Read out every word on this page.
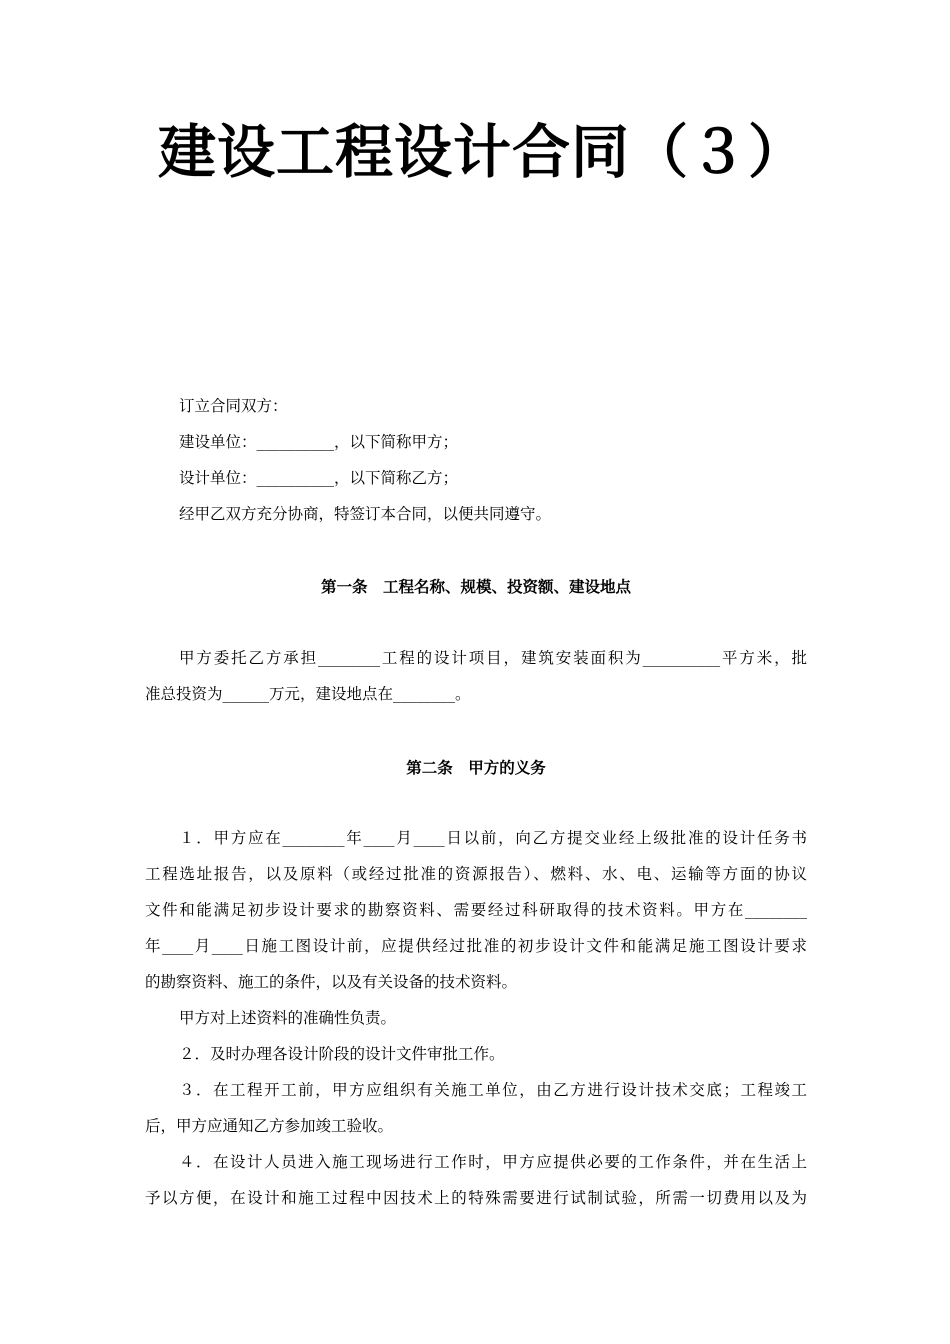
建设工程设计合同（３）
订立合同双方：
建设单位：__________，以下简称甲方；
设计单位：__________，以下简称乙方；
经甲乙双方充分协商，特签订本合同，以便共同遵守。
第一条　工程名称、规模、投资额、建设地点
甲方委托乙方承担________工程的设计项目，建筑安装面积为__________平方米，批
准总投资为______万元，建设地点在________。
第二条　甲方的义务
１．甲方应在________年____月____日以前，向乙方提交业经上级批准的设计任务书
工程选址报告，以及原料（或经过批准的资源报告）、燃料、水、电、运输等方面的协议
文件和能满足初步设计要求的勘察资料、需要经过科研取得的技术资料。甲方在________
年____月____日施工图设计前，应提供经过批准的初步设计文件和能满足施工图设计要求
的勘察资料、施工的条件，以及有关设备的技术资料。
甲方对上述资料的准确性负责。
２．及时办理各设计阶段的设计文件审批工作。
３．在工程开工前，甲方应组织有关施工单位，由乙方进行设计技术交底；工程竣工
后，甲方应通知乙方参加竣工验收。
４．在设计人员进入施工现场进行工作时，甲方应提供必要的工作条件，并在生活上
予以方便，在设计和施工过程中因技术上的特殊需要进行试制试验，所需一切费用以及为
